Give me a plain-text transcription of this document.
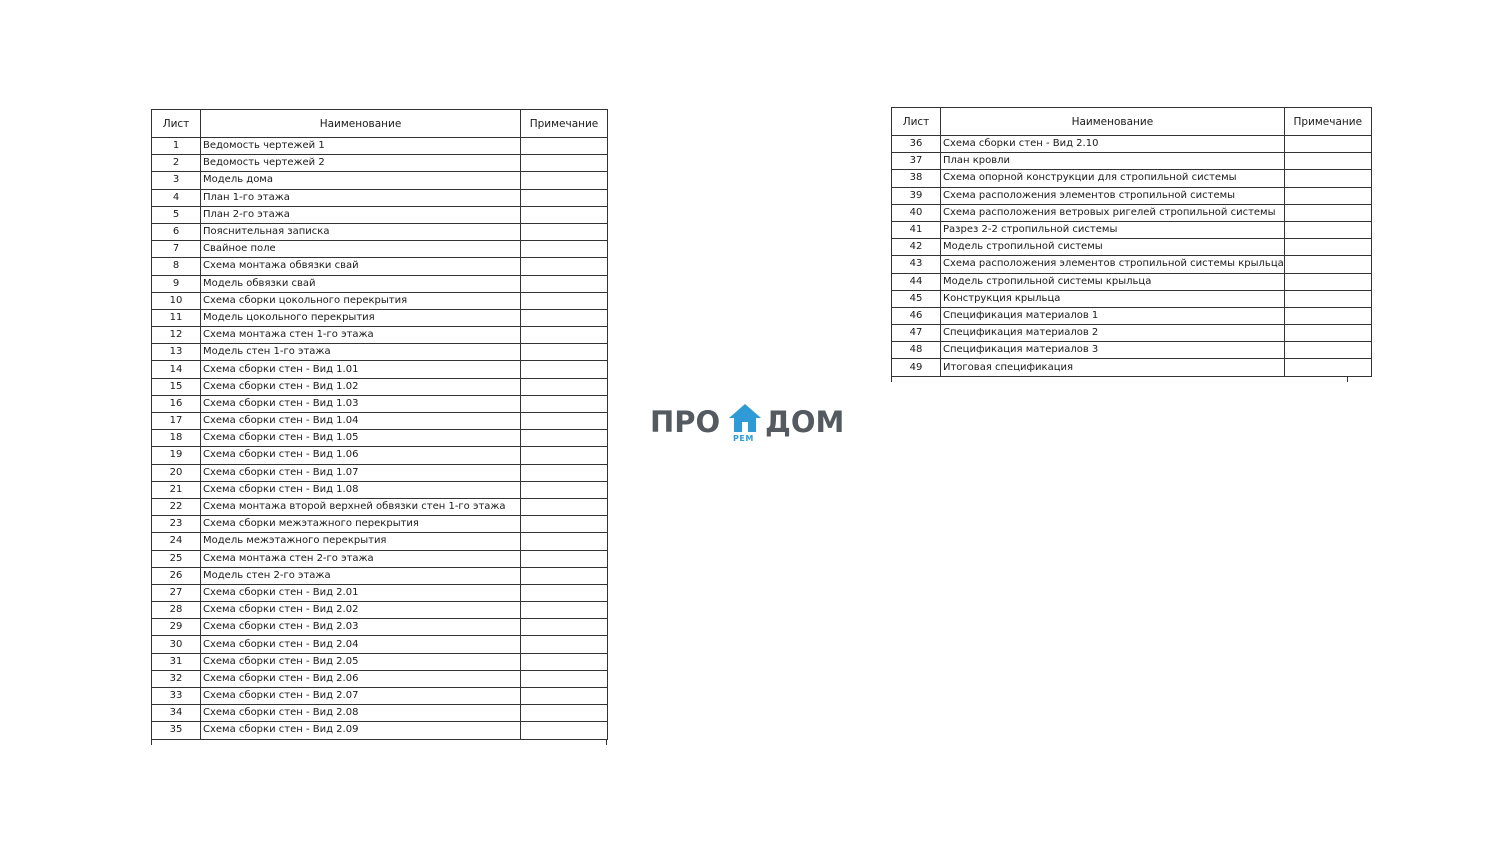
Лист	Наименование	Примечание
1	Ведомость чертежей 1	
2	Ведомость чертежей 2	
3	Модель дома	
4	План 1-го этажа	
5	План 2-го этажа	
6	Пояснительная записка	
7	Свайное поле	
8	Схема монтажа обвязки свай	
9	Модель обвязки свай	
10	Схема сборки цокольного перекрытия	
11	Модель цокольного перекрытия	
12	Схема монтажа стен 1-го этажа	
13	Модель стен 1-го этажа	
14	Схема сборки стен - Вид 1.01	
15	Схема сборки стен - Вид 1.02	
16	Схема сборки стен - Вид 1.03	
17	Схема сборки стен - Вид 1.04	
18	Схема сборки стен - Вид 1.05	
19	Схема сборки стен - Вид 1.06	
20	Схема сборки стен - Вид 1.07	
21	Схема сборки стен - Вид 1.08	
22	Схема монтажа второй верхней обвязки стен 1-го этажа	
23	Схема сборки межэтажного перекрытия	
24	Модель межэтажного перекрытия	
25	Схема монтажа стен 2-го этажа	
26	Модель стен 2-го этажа	
27	Схема сборки стен - Вид 2.01	
28	Схема сборки стен - Вид 2.02	
29	Схема сборки стен - Вид 2.03	
30	Схема сборки стен - Вид 2.04	
31	Схема сборки стен - Вид 2.05	
32	Схема сборки стен - Вид 2.06	
33	Схема сборки стен - Вид 2.07	
34	Схема сборки стен - Вид 2.08	
35	Схема сборки стен - Вид 2.09	
Лист	Наименование	Примечание
36	Схема сборки стен - Вид 2.10	
37	План кровли	
38	Схема опорной конструкции для стропильной системы	
39	Схема расположения элементов стропильной системы	
40	Схема расположения ветровых ригелей стропильной системы	
41	Разрез 2-2 стропильной системы	
42	Модель стропильной системы	
43	Схема расположения элементов стропильной системы крыльца	
44	Модель стропильной системы крыльца	
45	Конструкция крыльца	
46	Спецификация материалов 1	
47	Спецификация материалов 2	
48	Спецификация материалов 3	
49	Итоговая спецификация	
ПРО РЕМ ДОМ
